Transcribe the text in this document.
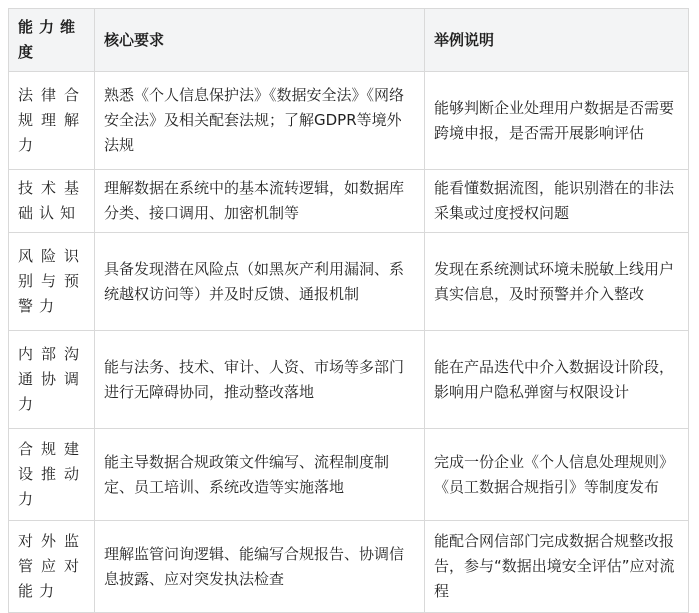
能力维度	核心要求	举例说明
法律合规理解力	熟悉《个人信息保护法》《数据安全法》《网络安全法》及相关配套法规；了解GDPR等境外法规	能够判断企业处理用户数据是否需要跨境申报，是否需开展影响评估
技术基础认知	理解数据在系统中的基本流转逻辑，如数据库分类、接口调用、加密机制等	能看懂数据流图，能识别潜在的非法采集或过度授权问题
风险识别与预警力	具备发现潜在风险点（如黑灰产利用漏洞、系统越权访问等）并及时反馈、通报机制	发现在系统测试环境未脱敏上线用户真实信息，及时预警并介入整改
内部沟通协调力	能与法务、技术、审计、人资、市场等多部门进行无障碍协同，推动整改落地	能在产品迭代中介入数据设计阶段，影响用户隐私弹窗与权限设计
合规建设推动力	能主导数据合规政策文件编写、流程制度制定、员工培训、系统改造等实施落地	完成一份企业《个人信息处理规则》《员工数据合规指引》等制度发布
对外监管应对能力	理解监管问询逻辑、能编写合规报告、协调信息披露、应对突发执法检查	能配合网信部门完成数据合规整改报告，参与“数据出境安全评估”应对流程
